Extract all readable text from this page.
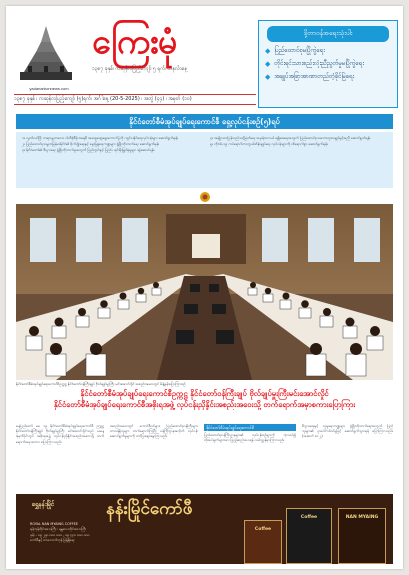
yadanarbonnews.com
ကြေးမုံ
၁၃၈၇ ခုနှစ်၊ ကဆုန်လပြည့်ကျော် ၅ ရက်၊ တနင်္လာနေ့
၁၃၈၇ ခုနှစ် ၊ ကဆုန်လပြည့်ကျော် (၅)ရက်၊ အင်္ဂါနေ့ (20-5-2025) ၊ အတွဲ (၄၄) ၊ အမှတ် (၁၀)
ဒို့တာဝန်အရေးသုံးပါး
◆ ပြည်ထောင်စုမပြိုကွဲရေး
◆ တိုင်းရင်းသားစည်းလုံးညီညွတ်မှုမပြိုကွဲရေး
◆ အချုပ်အခြာအာဏာတည်တံ့ခိုင်မြဲရေး
နိုင်ငံတော်စီမံအုပ်ချုပ်ရေးကောင်စီ ရှေ့လုပ်ငန်းစဉ်(၅)ရပ်

၁။ လွတ်လပ်ပြီး တရားမျှတသော ပါတီစုံဒီမိုကရေစီ အထွေထွေရွေးကောက်ပွဲကို ကျင်းပနိုင်ရေးလုပ်ငန်းများ ဆောင်ရွက်ရန်။

၂။ ပြည်ထောင်စုသမ္မတမြန်မာနိုင်ငံ၏ စိုက်ပျိုးရေးနှင့် မွေးမြူရေးကဏ္ဍများ ဖွံ့ဖြိုးတိုးတက်ရေး ဆောင်ရွက်ရန်။

၃။ နိုင်ငံတော်၏ စီးပွားရေး ဖွံ့ဖြိုးတိုးတက်မှုအတွက် ပြည်တွင်းနှင့် ပြည်ပ ရင်းနှီးမြှုပ်နှံမှုများ ဆွဲဆောင်ရန်။

၄။ အမျိုးသားပြန်လည်သင့်မြတ်ရေး အမှန်တကယ် ရရှိစေရေးအတွက် ပြည်ထောင်စုသဘောတူစာချုပ်နှင့်အညီ ဆောင်ရွက်ရန်။

၅။ ကိုဗစ်-၁၉ ကပ်ရောဂါကာကွယ်ထိန်းချုပ်ရေး လုပ်ငန်းများကို ထိရောက်စွာ ဆောင်ရွက်ရန်။

နိုင်ငံတော်စီမံအုပ်ချုပ်ရေးကောင်စီဥက္ကဋ္ဌ နိုင်ငံတော်ဝန်ကြီးချုပ် ဗိုလ်ချုပ်မှူးကြီး မင်းအောင်လှိုင် အစည်းအဝေးတွင် မိန့်ခွန်းပြောကြားစဉ်
နိုင်ငံတော်စီမံအုပ်ချုပ်ရေးကောင်စီဥက္ကဋ္ဌ နိုင်ငံတော်ဝန်ကြီးချုပ် ဗိုလ်ချုပ်မှူးကြီးမင်းအောင်လှိုင်
နိုင်ငံတော်စီမံအုပ်ချုပ်ရေးကောင်စီအစိုးရအဖွဲ့ လုပ်ငန်းညှိနှိုင်းအစည်းအဝေးသို့ တက်ရောက်အမှာစကားပြောကြား

နေပြည်တော် မေ ၁၉ နိုင်ငံတော်စီမံအုပ်ချုပ်ရေးကောင်စီ ဥက္ကဋ္ဌ နိုင်ငံတော်ဝန်ကြီးချုပ် ဗိုလ်ချုပ်မှူးကြီး မင်းအောင်လှိုင်သည် ယနေ့နံနက်ပိုင်းတွင် အစိုးရအဖွဲ့ လုပ်ငန်းညှိနှိုင်းအစည်းအဝေးသို့ တက်ရောက်အမှာစကား ပြောကြားသည်။

အစည်းအဝေးတွင် ကောင်စီဝင်များ၊ ပြည်ထောင်စုဝန်ကြီးများ၊ တာဝန်ရှိသူများ တက်ရောက်ကြပြီး ဝန်ကြီးဌာနအလိုက် လုပ်ငန်းဆောင်ရွက်မှုများကို တင်ပြဆွေးနွေးကြသည်။

နိုင်ငံတော်စီမံအုပ်ချုပ်ရေးကောင်စီ

ပြည်ထောင်စုဝန်ကြီးဌာနများ၏ လုပ်ငန်းစဉ်များကို သုံးသပ်၍ လိုအပ်ချက်များအား ဖြည့်ဆည်းပေးရန် လမ်းညွှန်မှာကြားသည်။

စီးပွားရေးနှင့် လူမှုရေးကဏ္ဍများ ဖွံ့ဖြိုးတိုးတက်ရေးအတွက် ပြည်သူများ၏ ပူးပေါင်းပါဝင်မှုဖြင့် ဆောင်ရွက်သွားရန် ပြောကြားသည်။ (အဆက် စာ ၂)

ရွှေနန်းမြိုင်	နန်းမြိုင်ကော်ဖီ
ROYAL NAN MYAING COFFEE
ရန်ကုန်တိုင်းဒေသကြီး ၊ မန္တလေးတိုင်းဒေသကြီး
ဖုန်း - ၀၉ ၂၅၀ ၀၀၀ ၀၀၀ , ၀၉ ၄၄၀ ၀၀၀ ၀၀၀
ကော်ဖီနှင့် စားသောက်ကုန် ဖြန့်ချိရေး
Coffee
Coffee	NAN MYAING
